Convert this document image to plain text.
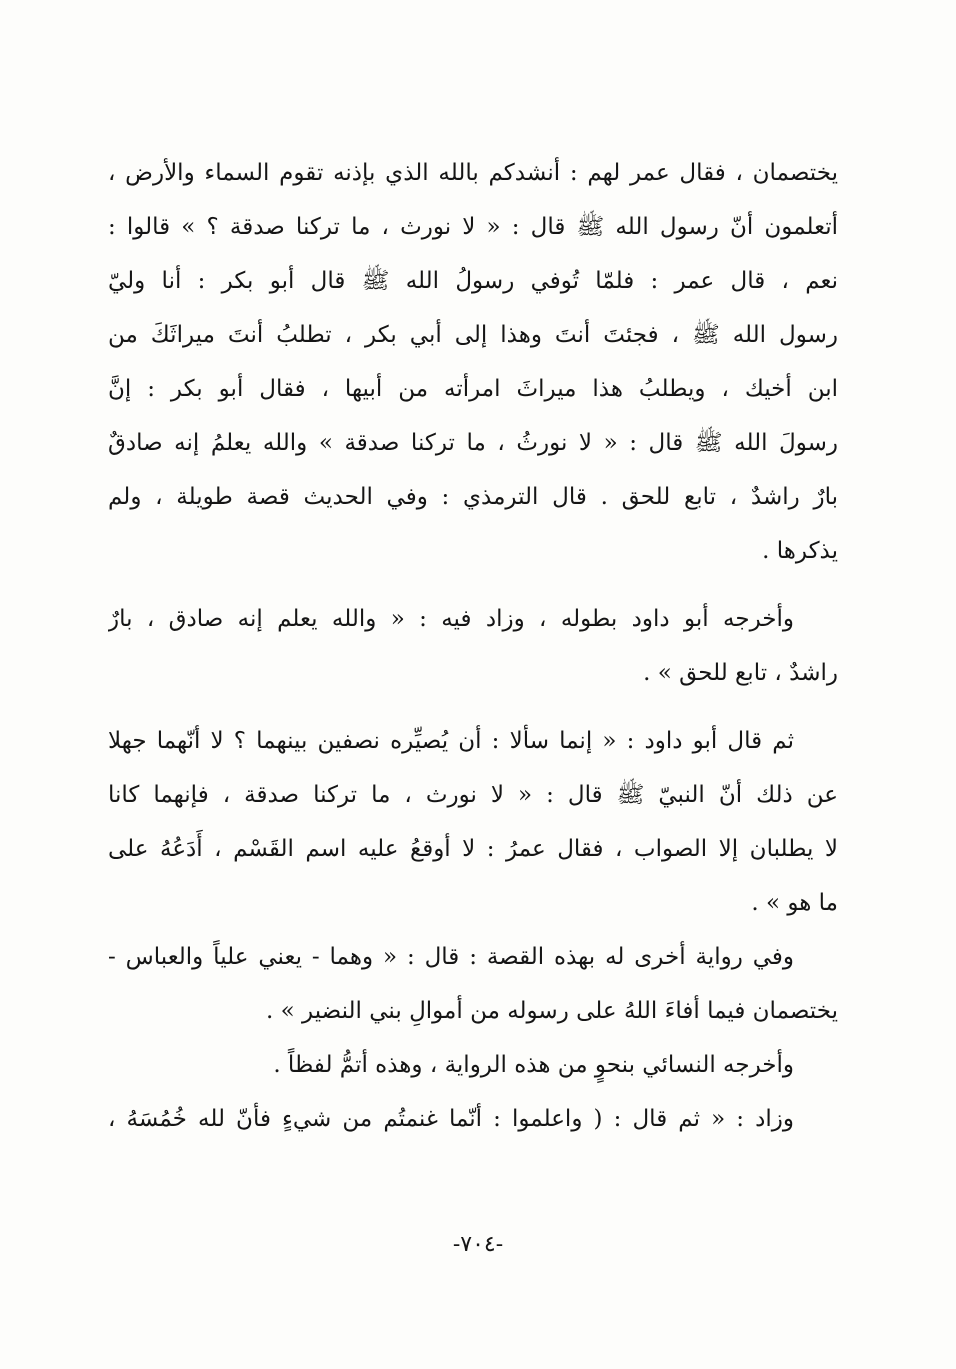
يختصمان ، فقال عمر لهم : أنشدكم بالله الذي بإذنه تقوم السماء والأرض ،
أتعلمون أنّ رسول الله ﷺ قال : « لا نورث ، ما تركنا صدقة ؟ » قالوا :
نعم ، قال عمر : فلمّا تُوفي رسولُ الله ﷺ قال أبو بكر : أنا وليّ
رسول الله ﷺ ، فجئتَ أنتَ وهذا إلى أبي بكر ، تطلبُ أنتَ ميراثَكَ من
ابن أخيك ، ويطلبُ هذا ميراثَ امرأته من أبيها ، فقال أبو بكر : إنَّ
رسولَ الله ﷺ قال : « لا نورثُ ، ما تركنا صدقة » والله يعلمُ إنه صادقٌ
بارٌ راشدٌ ، تابع للحق . قال الترمذي : وفي الحديث قصة طويلة ، ولم
يذكرها .
وأخرجه أبو داود بطوله ، وزاد فيه : « والله يعلم إنه صادق ، بارٌ
راشدٌ ، تابع للحق » .
ثم قال أبو داود : « إنما سألا : أن يُصيِّره نصفين بينهما ؟ لا أنّهما جهلا
عن ذلك أنّ النبيّ ﷺ قال : « لا نورث ، ما تركنا صدقة ، فإنهما كانا
لا يطلبان إلا الصواب ، فقال عمرُ : لا أوقعُ عليه اسم القَسْم ، أَدَعُهُ على
ما هو » .
وفي رواية أخرى له بهذه القصة : قال : « وهما - يعني علياً والعباس -
يختصمان فيما أفاءَ اللهُ على رسوله من أموالِ بني النضير » .
وأخرجه النسائي بنحوٍ من هذه الرواية ، وهذه أتمُّ لفظاً .
وزاد : « ثم قال : ( واعلموا : أنّما غنمتُم من شيءٍ فأنّ لله خُمُسَهُ ،
-٧٠٤-
